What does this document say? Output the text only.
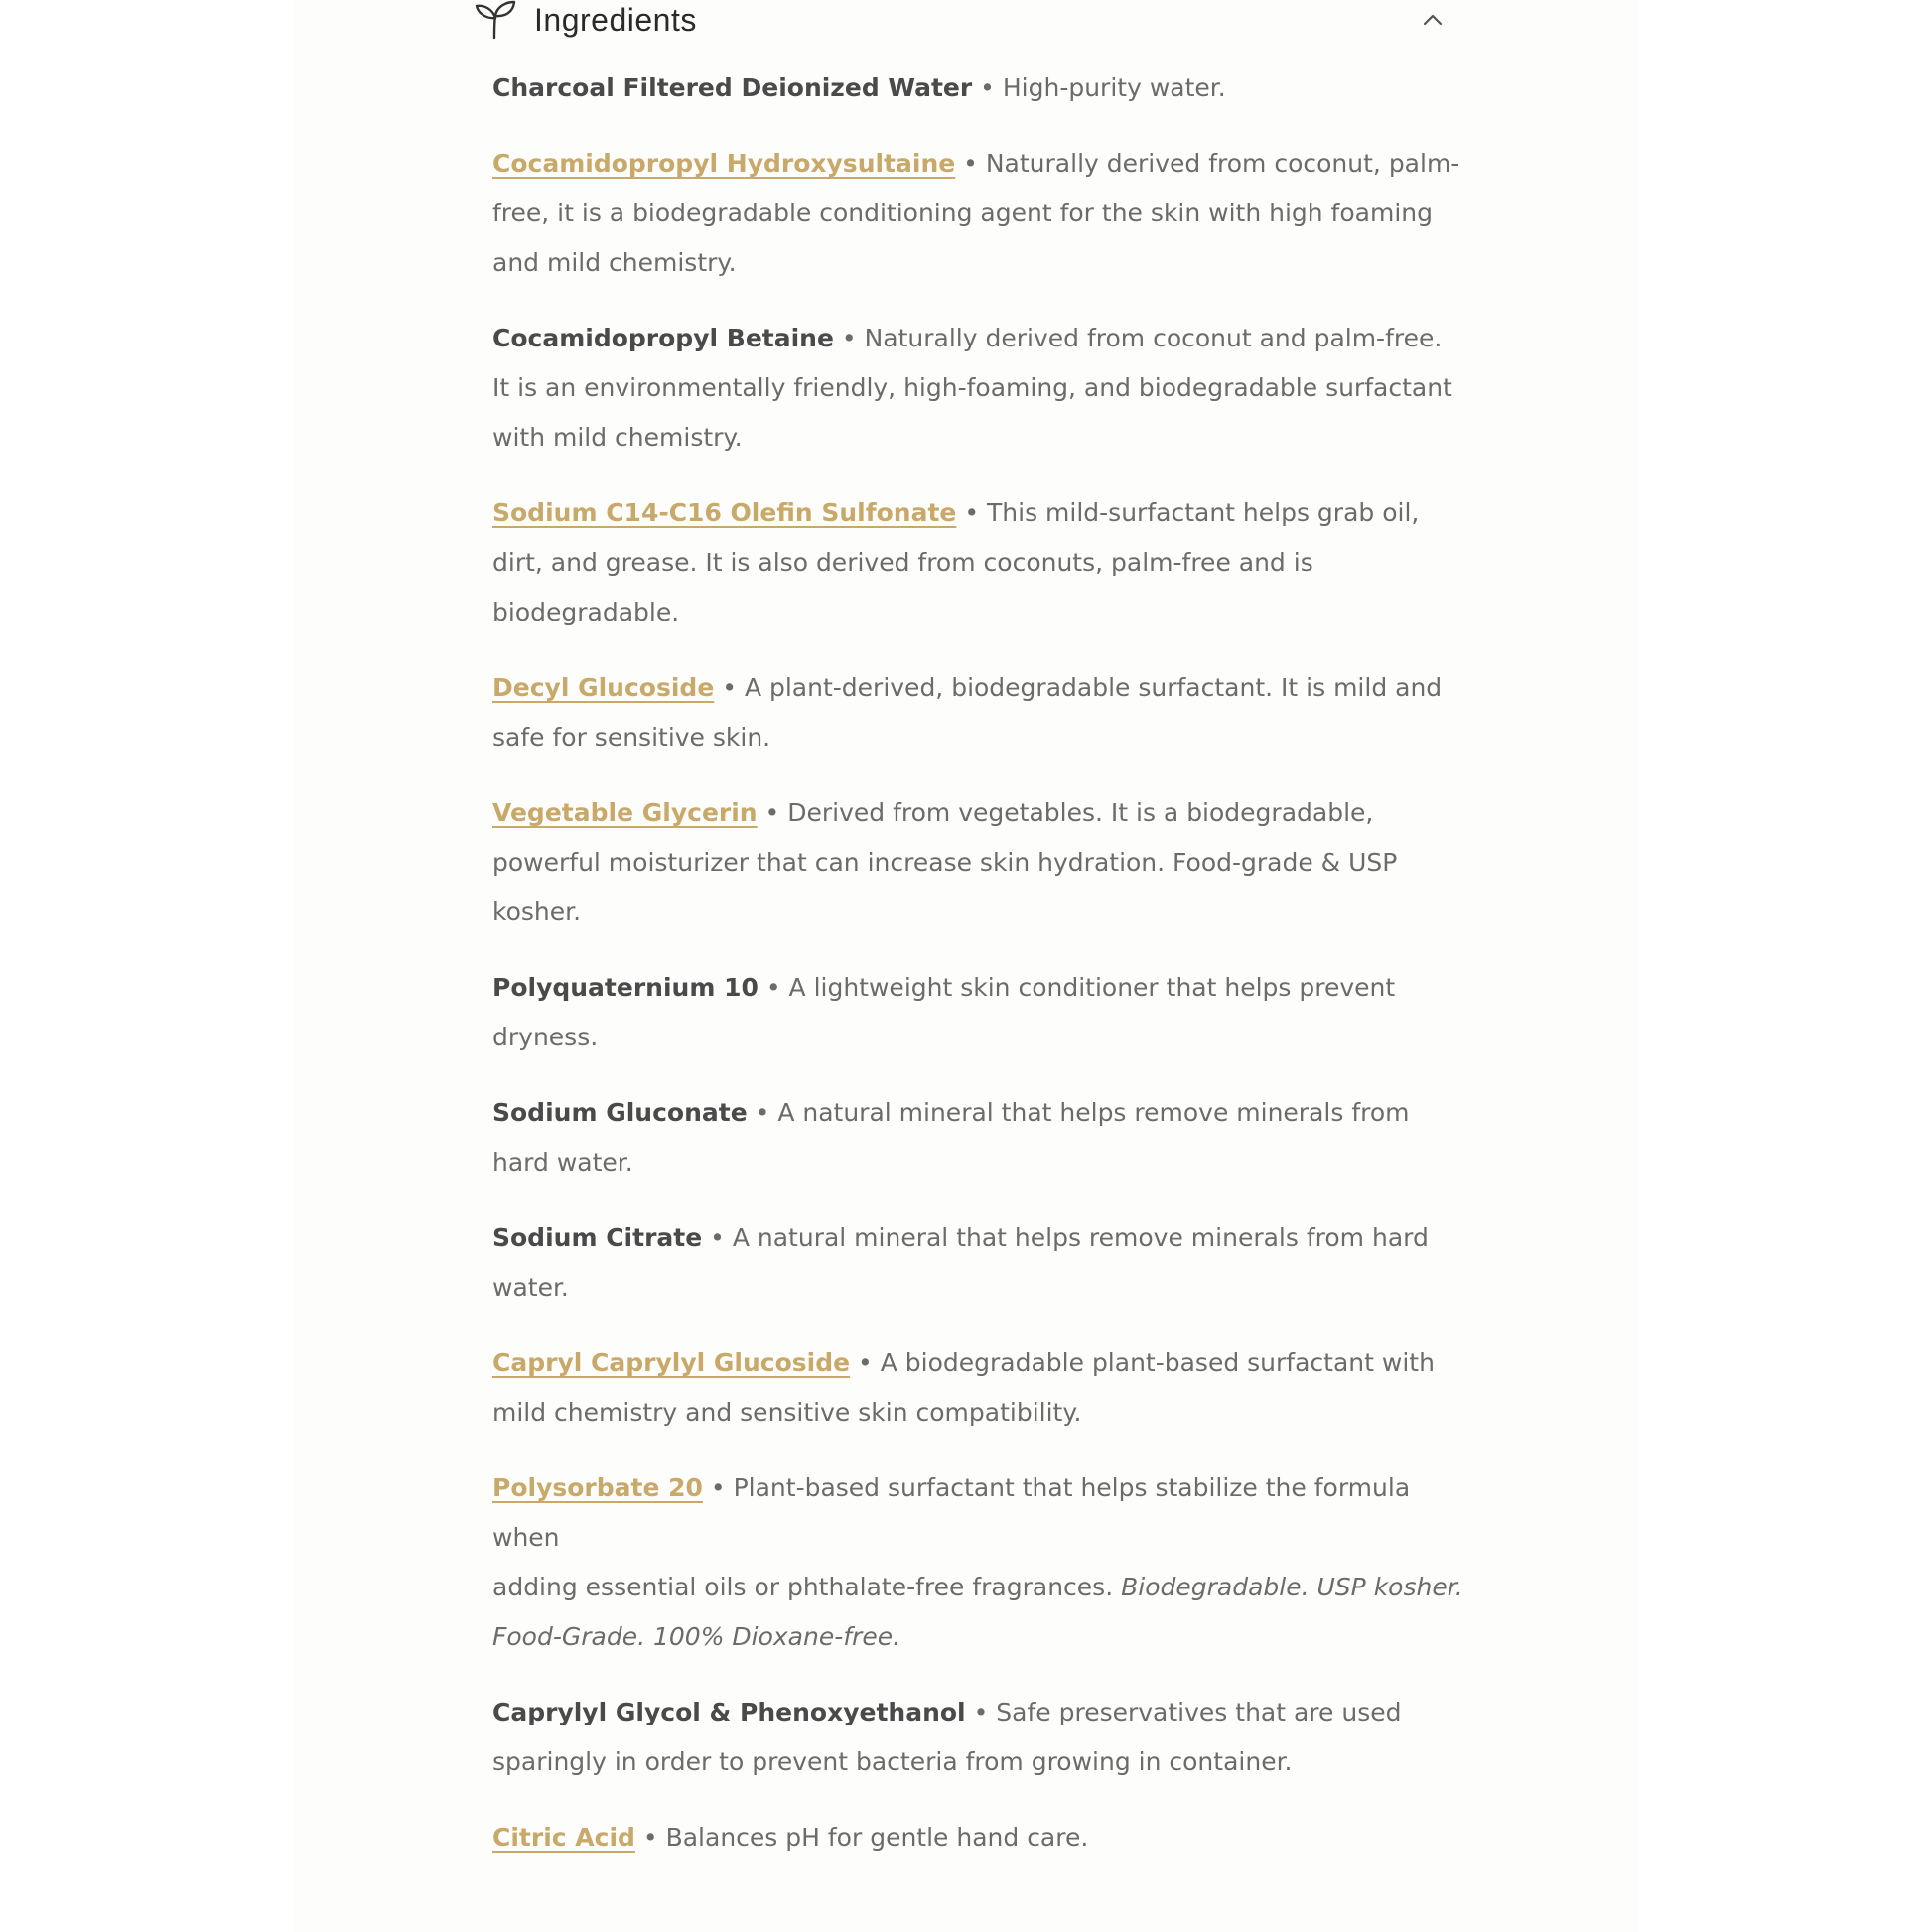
Ingredients

Charcoal Filtered Deionized Water • High-purity water.

Cocamidopropyl Hydroxysultaine • Naturally derived from coconut, palm-free, it is a biodegradable conditioning agent for the skin with high foaming and mild chemistry.

Cocamidopropyl Betaine • Naturally derived from coconut and palm-free. It is an environmentally friendly, high-foaming, and biodegradable surfactant with mild chemistry.

Sodium C14-C16 Olefin Sulfonate • This mild-surfactant helps grab oil, dirt, and grease. It is also derived from coconuts, palm-free and is biodegradable.

Decyl Glucoside • A plant-derived, biodegradable surfactant. It is mild and safe for sensitive skin.

Vegetable Glycerin • Derived from vegetables. It is a biodegradable, powerful moisturizer that can increase skin hydration. Food-grade & USP kosher.

Polyquaternium 10 • A lightweight skin conditioner that helps prevent dryness.

Sodium Gluconate • A natural mineral that helps remove minerals from hard water.

Sodium Citrate • A natural mineral that helps remove minerals from hard water.

Capryl Caprylyl Glucoside • A biodegradable plant-based surfactant with mild chemistry and sensitive skin compatibility.

Polysorbate 20 • Plant-based surfactant that helps stabilize the formula when
adding essential oils or phthalate-free fragrances. Biodegradable. USP kosher.
Food-Grade. 100% Dioxane-free.

Caprylyl Glycol & Phenoxyethanol • Safe preservatives that are used sparingly in order to prevent bacteria from growing in container.

Citric Acid • Balances pH for gentle hand care.
